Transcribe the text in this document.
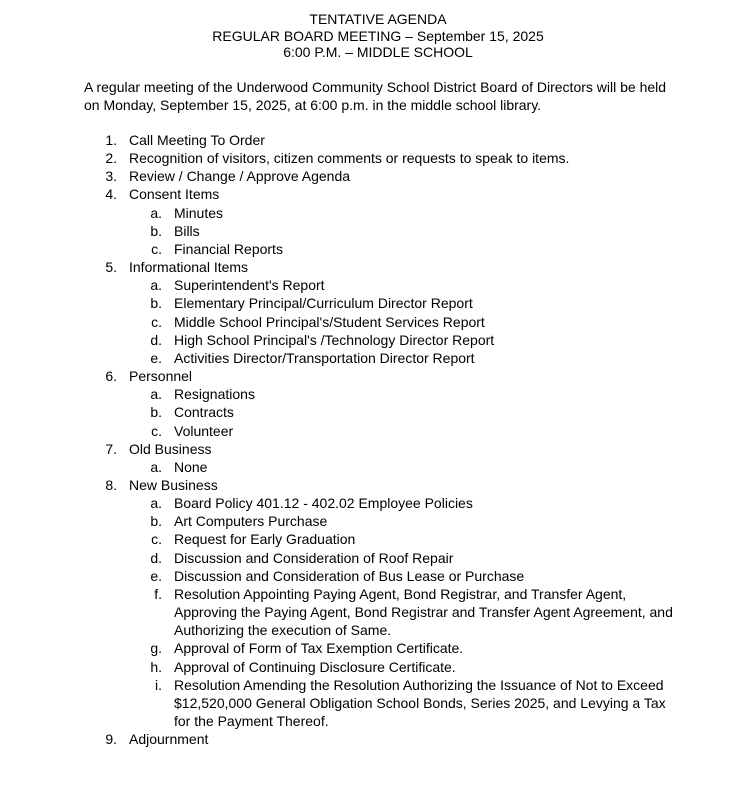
TENTATIVE AGENDA
REGULAR BOARD MEETING – September 15, 2025
6:00 P.M. – MIDDLE SCHOOL
A regular meeting of the Underwood Community School District Board of Directors will be held
on Monday, September 15, 2025, at 6:00 p.m. in the middle school library.
1. Call Meeting To Order
2. Recognition of visitors, citizen comments or requests to speak to items.
3. Review / Change / Approve Agenda
4. Consent Items
a. Minutes
b. Bills
c. Financial Reports
5. Informational Items
a. Superintendent's Report
b. Elementary Principal/Curriculum Director Report
c. Middle School Principal's/Student Services Report
d. High School Principal's /Technology Director Report
e. Activities Director/Transportation Director Report
6. Personnel
a. Resignations
b. Contracts
c. Volunteer
7. Old Business
a. None
8. New Business
a. Board Policy 401.12 - 402.02 Employee Policies
b. Art Computers Purchase
c. Request for Early Graduation
d. Discussion and Consideration of Roof Repair
e. Discussion and Consideration of Bus Lease or Purchase
f. Resolution Appointing Paying Agent, Bond Registrar, and Transfer Agent,
Approving the Paying Agent, Bond Registrar and Transfer Agent Agreement, and
Authorizing the execution of Same.
g. Approval of Form of Tax Exemption Certificate.
h. Approval of Continuing Disclosure Certificate.
i. Resolution Amending the Resolution Authorizing the Issuance of Not to Exceed
$12,520,000 General Obligation School Bonds, Series 2025, and Levying a Tax
for the Payment Thereof.
9. Adjournment
